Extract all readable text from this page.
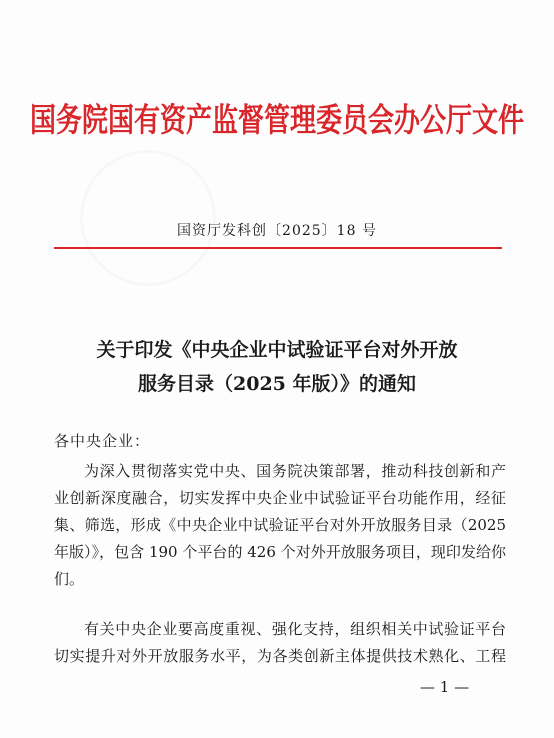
国务院国有资产监督管理委员会办公厅文件
国资厅发科创〔2025〕18 号
关于印发《中央企业中试验证平台对外开放
服务目录（2025 年版）》的通知
各中央企业：
为深入贯彻落实党中央、国务院决策部署，推动科技创新和产
业创新深度融合，切实发挥中央企业中试验证平台功能作用，经征
集、筛选，形成《中央企业中试验证平台对外开放服务目录（2025
年版）》，包含 190 个平台的 426 个对外开放服务项目，现印发给你
们。
有关中央企业要高度重视、强化支持，组织相关中试验证平台
切实提升对外开放服务水平，为各类创新主体提供技术熟化、工程
— 1 —
